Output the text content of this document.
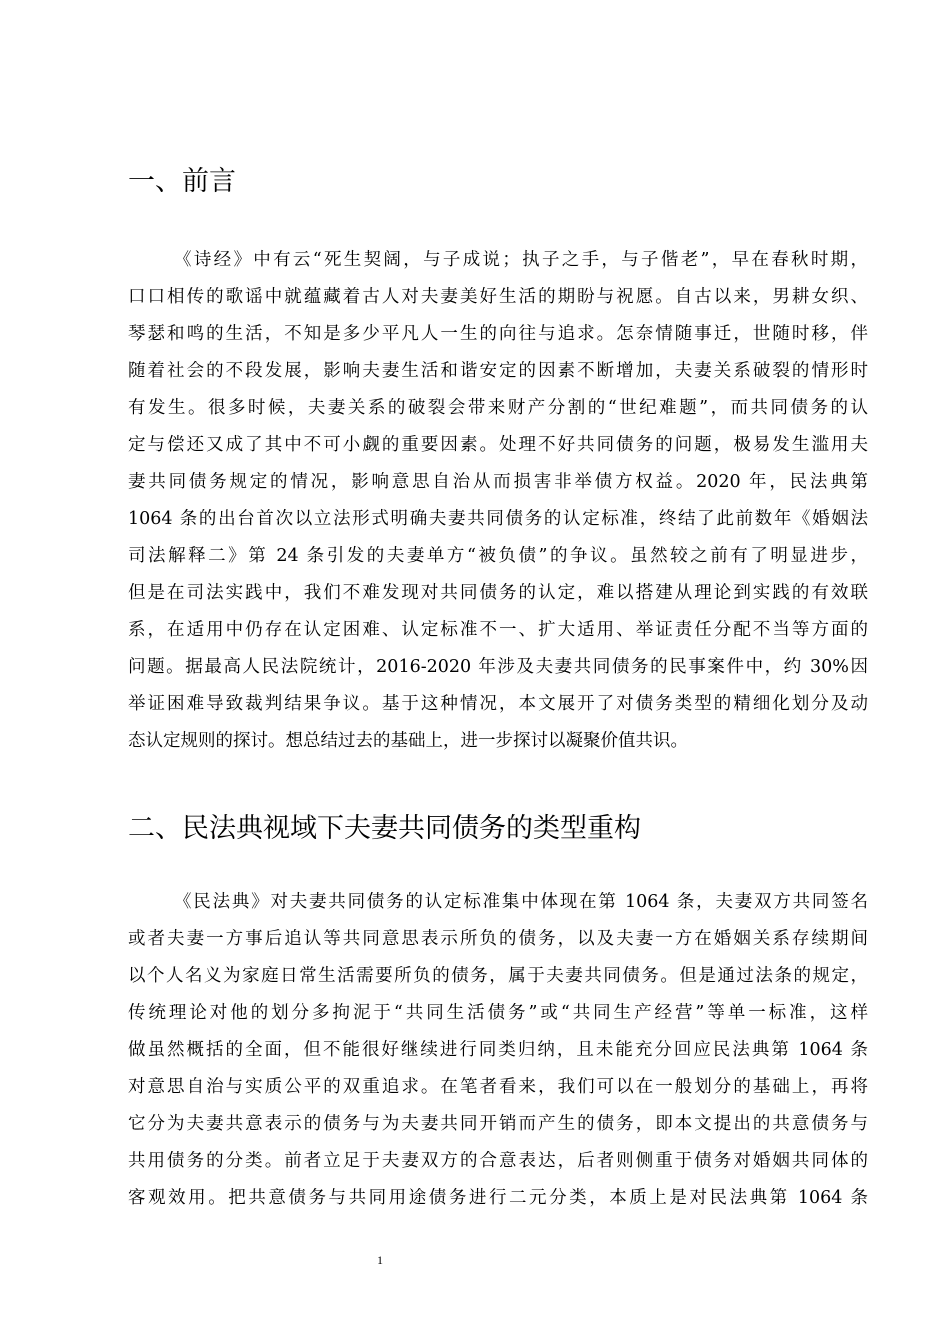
一、前言
《诗经》中有云“死生契阔，与子成说；执子之手，与子偕老”，早在春秋时期，
口口相传的歌谣中就蕴藏着古人对夫妻美好生活的期盼与祝愿。自古以来，男耕女织、
琴瑟和鸣的生活，不知是多少平凡人一生的向往与追求。怎奈情随事迁，世随时移，伴
随着社会的不段发展，影响夫妻生活和谐安定的因素不断增加，夫妻关系破裂的情形时
有发生。很多时候，夫妻关系的破裂会带来财产分割的“世纪难题”，而共同债务的认
定与偿还又成了其中不可小觑的重要因素。处理不好共同债务的问题，极易发生滥用夫
妻共同债务规定的情况，影响意思自治从而损害非举债方权益。2020 年，民法典第
1064 条的出台首次以立法形式明确夫妻共同债务的认定标准，终结了此前数年《婚姻法
司法解释二》第 24 条引发的夫妻单方“被负债”的争议。虽然较之前有了明显进步，
但是在司法实践中，我们不难发现对共同债务的认定，难以搭建从理论到实践的有效联
系，在适用中仍存在认定困难、认定标准不一、扩大适用、举证责任分配不当等方面的
问题。据最高人民法院统计，2016-2020 年涉及夫妻共同债务的民事案件中，约 30%因
举证困难导致裁判结果争议。基于这种情况，本文展开了对债务类型的精细化划分及动
态认定规则的探讨。想总结过去的基础上，进一步探讨以凝聚价值共识。
二、民法典视域下夫妻共同债务的类型重构
《民法典》对夫妻共同债务的认定标准集中体现在第 1064 条，夫妻双方共同签名
或者夫妻一方事后追认等共同意思表示所负的债务，以及夫妻一方在婚姻关系存续期间
以个人名义为家庭日常生活需要所负的债务，属于夫妻共同债务。但是通过法条的规定，
传统理论对他的划分多拘泥于“共同生活债务”或“共同生产经营”等单一标准，这样
做虽然概括的全面，但不能很好继续进行同类归纳，且未能充分回应民法典第 1064 条
对意思自治与实质公平的双重追求。在笔者看来，我们可以在一般划分的基础上，再将
它分为夫妻共意表示的债务与为夫妻共同开销而产生的债务，即本文提出的共意债务与
共用债务的分类。前者立足于夫妻双方的合意表达，后者则侧重于债务对婚姻共同体的
客观效用。把共意债务与共同用途债务进行二元分类，本质上是对民法典第 1064 条
1
